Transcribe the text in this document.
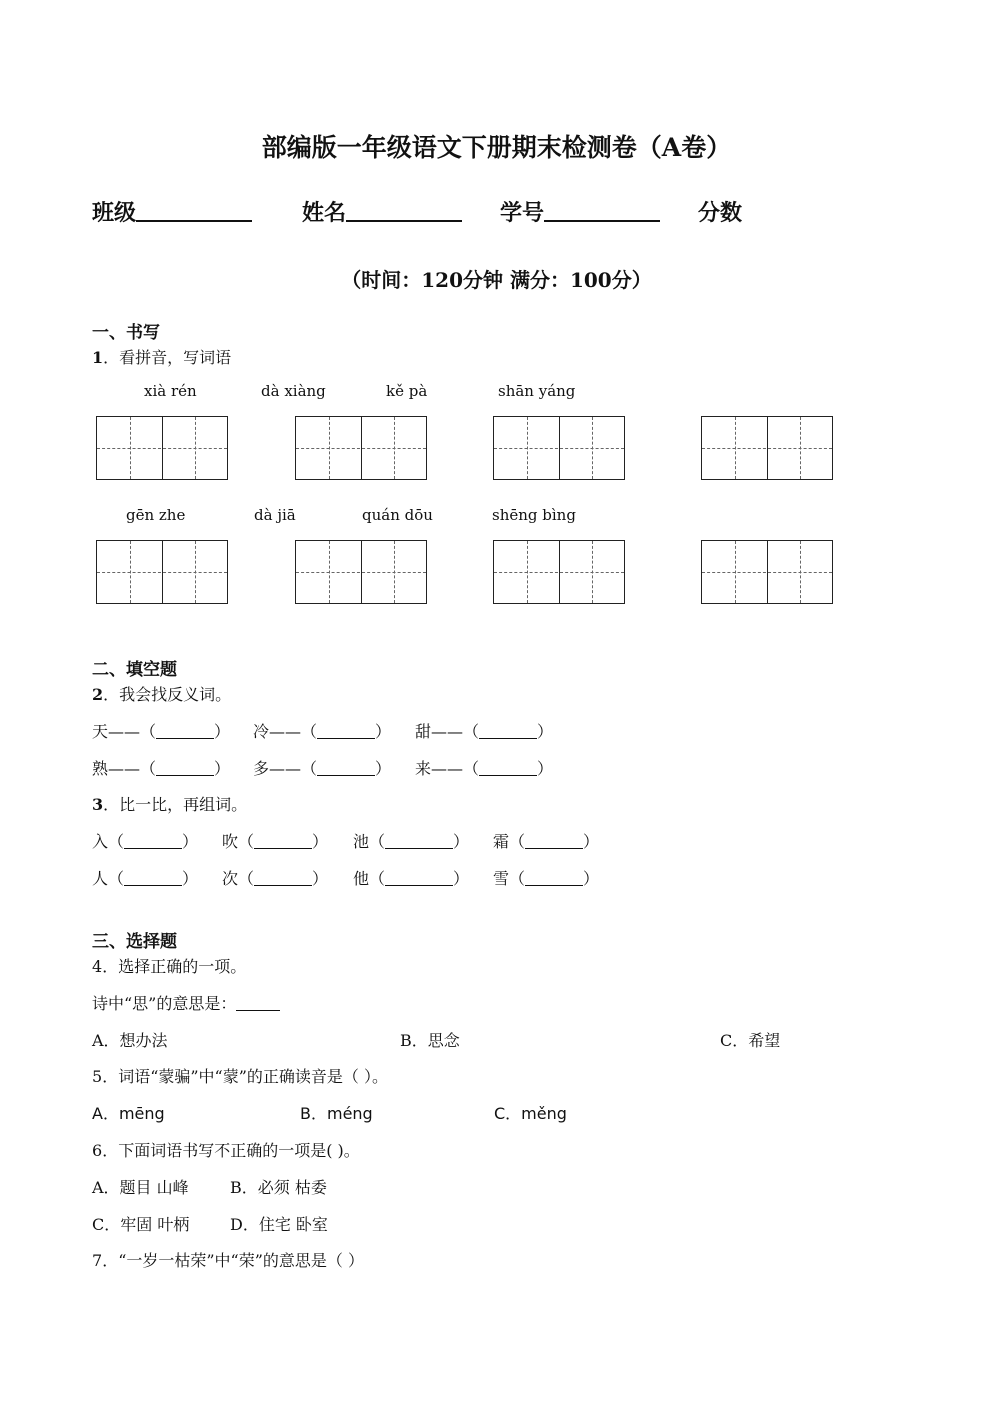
部编版一年级语文下册期末检测卷（A卷）
班级	姓名	学号	分数
（时间：120分钟 满分：100分）
一、书写
1．看拼音，写词语
xià rén	dà xiàng	kě pà	shān yáng
gēn zhe	dà jiā	quán dōu	shēng bìng
二、填空题
2．我会找反义词。
天——（	） 冷——（	） 甜——（	）
熟——（	） 多——（	） 来——（	）
3．比一比，再组词。
入（	） 吹（	） 池（	） 霜（	）
人（	） 次（	） 他（	） 雪（	）
三、选择题
4．选择正确的一项。
诗中“思”的意思是：
A．想办法	B．思念	C．希望
5．词语“蒙骗”中“蒙”的正确读音是（ ）。
A．mēng	B．méng	C．měng
6．下面词语书写不正确的一项是( )。
A．题目 山峰	B．必须 枯委
C．牢固 叶柄	D．住宅 卧室
7．“一岁一枯荣”中“荣”的意思是（ ）
